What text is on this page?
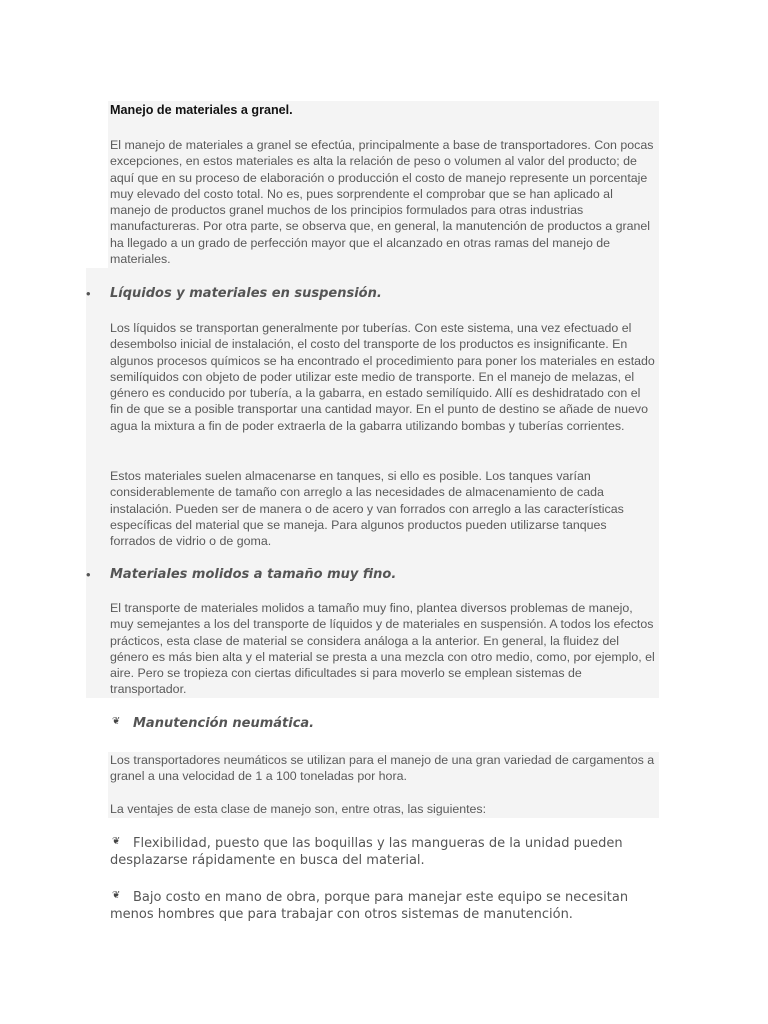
Manejo de materiales a granel.

El manejo de materiales a granel se efectúa, principalmente a base de transportadores. Con pocas excepciones, en estos materiales es alta la relación de peso o volumen al valor del producto; de aquí que en su proceso de elaboración o producción el costo de manejo represente un porcentaje muy elevado del costo total. No es, pues sorprendente el comprobar que se han aplicado al manejo de productos granel muchos de los principios formulados para otras industrias manufactureras. Por otra parte, se observa que, en general, la manutención de productos a granel ha llegado a un grado de perfección mayor que el alcanzado en otras ramas del manejo de materiales.

• Líquidos y materiales en suspensión.

Los líquidos se transportan generalmente por tuberías. Con este sistema, una vez efectuado el desembolso inicial de instalación, el costo del transporte de los productos es insignificante. En algunos procesos químicos se ha encontrado el procedimiento para poner los materiales en estado semilíquidos con objeto de poder utilizar este medio de transporte. En el manejo de melazas, el género es conducido por tubería, a la gabarra, en estado semilíquido. Allí es deshidratado con el fin de que se a posible transportar una cantidad mayor. En el punto de destino se añade de nuevo agua la mixtura a fin de poder extraerla de la gabarra utilizando bombas y tuberías corrientes.

Estos materiales suelen almacenarse en tanques, si ello es posible. Los tanques varían considerablemente de tamaño con arreglo a las necesidades de almacenamiento de cada instalación. Pueden ser de manera o de acero y van forrados con arreglo a las características específicas del material que se maneja. Para algunos productos pueden utilizarse tanques forrados de vidrio o de goma.

• Materiales molidos a tamaño muy fino.

El transporte de materiales molidos a tamaño muy fino, plantea diversos problemas de manejo, muy semejantes a los del transporte de líquidos y de materiales en suspensión. A todos los efectos prácticos, esta clase de material se considera análoga a la anterior. En general, la fluidez del género es más bien alta y el material se presta a una mezcla con otro medio, como, por ejemplo, el aire. Pero se tropieza con ciertas dificultades si para moverlo se emplean sistemas de transportador.

❦ Manutención neumática.

Los transportadores neumáticos se utilizan para el manejo de una gran variedad de cargamentos a granel a una velocidad de 1 a 100 toneladas por hora.

La ventajes de esta clase de manejo son, entre otras, las siguientes:

❦ Flexibilidad, puesto que las boquillas y las mangueras de la unidad pueden desplazarse rápidamente en busca del material.

❦ Bajo costo en mano de obra, porque para manejar este equipo se necesitan menos hombres que para trabajar con otros sistemas de manutención.
